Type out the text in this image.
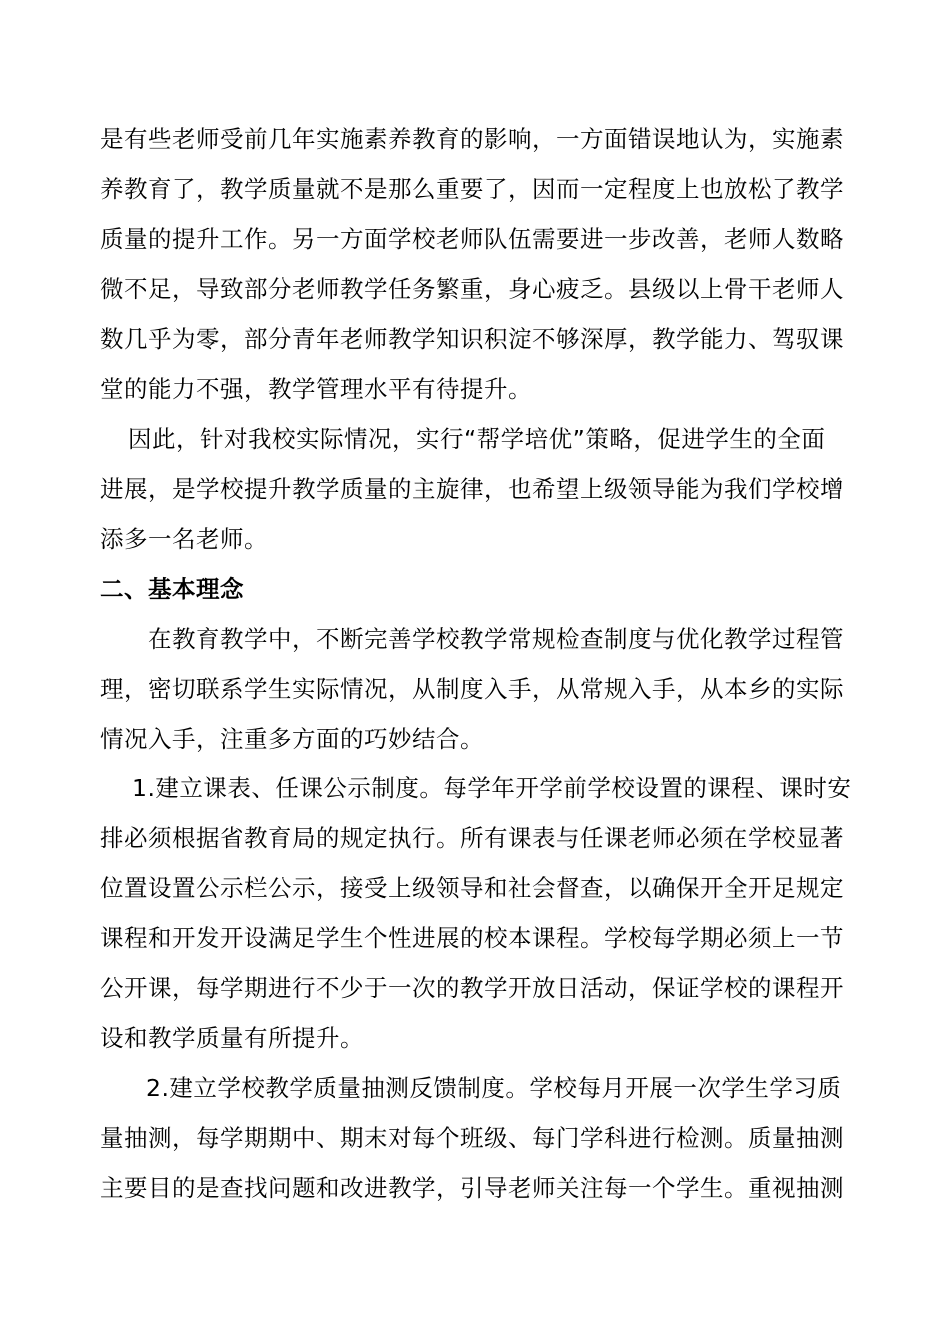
是有些老师受前几年实施素养教育的影响，一方面错误地认为，实施素
养教育了，教学质量就不是那么重要了，因而一定程度上也放松了教学
质量的提升工作。另一方面学校老师队伍需要进一步改善，老师人数略
微不足，导致部分老师教学任务繁重，身心疲乏。县级以上骨干老师人
数几乎为零，部分青年老师教学知识积淀不够深厚，教学能力、驾驭课
堂的能力不强，教学管理水平有待提升。
因此，针对我校实际情况，实行“帮学培优”策略，促进学生的全面
进展，是学校提升教学质量的主旋律，也希望上级领导能为我们学校增
添多一名老师。
二、基本理念
在教育教学中，不断完善学校教学常规检查制度与优化教学过程管
理，密切联系学生实际情况，从制度入手，从常规入手，从本乡的实际
情况入手，注重多方面的巧妙结合。
1.建立课表、任课公示制度。每学年开学前学校设置的课程、课时安
排必须根据省教育局的规定执行。所有课表与任课老师必须在学校显著
位置设置公示栏公示，接受上级领导和社会督查，以确保开全开足规定
课程和开发开设满足学生个性进展的校本课程。学校每学期必须上一节
公开课，每学期进行不少于一次的教学开放日活动，保证学校的课程开
设和教学质量有所提升。
2.建立学校教学质量抽测反馈制度。学校每月开展一次学生学习质
量抽测，每学期期中、期末对每个班级、每门学科进行检测。质量抽测
主要目的是查找问题和改进教学，引导老师关注每一个学生。重视抽测
